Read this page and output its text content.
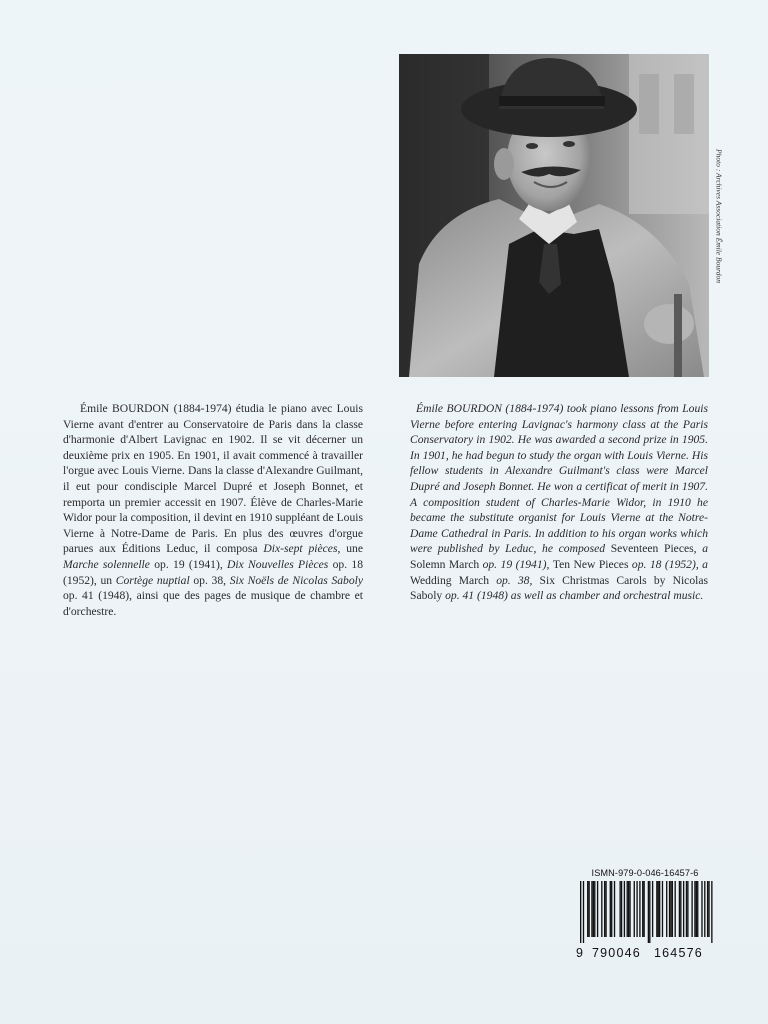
Photo : Archives Association Émile Bourdon

Émile BOURDON (1884-1974) étudia le piano avec Louis Vierne avant d'entrer au Conservatoire de Paris dans la classe d'harmonie d'Albert Lavignac en 1902. Il se vit décerner un deuxième prix en 1905. En 1901, il avait commencé à travailler l'orgue avec Louis Vierne. Dans la classe d'Alexandre Guilmant, il eut pour condisciple Marcel Dupré et Joseph Bonnet, et remporta un premier accessit en 1907. Élève de Charles-Marie Widor pour la composition, il devint en 1910 suppléant de Louis Vierne à Notre-Dame de Paris. En plus des œuvres d'orgue parues aux Éditions Leduc, il composa Dix-sept pièces, une Marche solennelle op. 19 (1941), Dix Nouvelles Pièces op. 18 (1952), un Cortège nuptial op. 38, Six Noëls de Nicolas Saboly op. 41 (1948), ainsi que des pages de musique de chambre et d'orchestre.

Émile BOURDON (1884-1974) took piano lessons from Louis Vierne before entering Lavignac's harmony class at the Paris Conservatory in 1902. He was awarded a second prize in 1905. In 1901, he had begun to study the organ with Louis Vierne. His fellow students in Alexandre Guilmant's class were Marcel Dupré and Joseph Bonnet. He won a certificat of merit in 1907. A composition student of Charles-Marie Widor, in 1910 he became the substitute organist for Louis Vierne at the Notre-Dame Cathedral in Paris. In addition to his organ works which were published by Leduc, he composed Seventeen Pieces, a Solemn March op. 19 (1941), Ten New Pieces op. 18 (1952), a Wedding March op. 38, Six Christmas Carols by Nicolas Saboly op. 41 (1948) as well as chamber and orchestral music.

ISMN-979-0-046-16457-6
9 790046 164576
